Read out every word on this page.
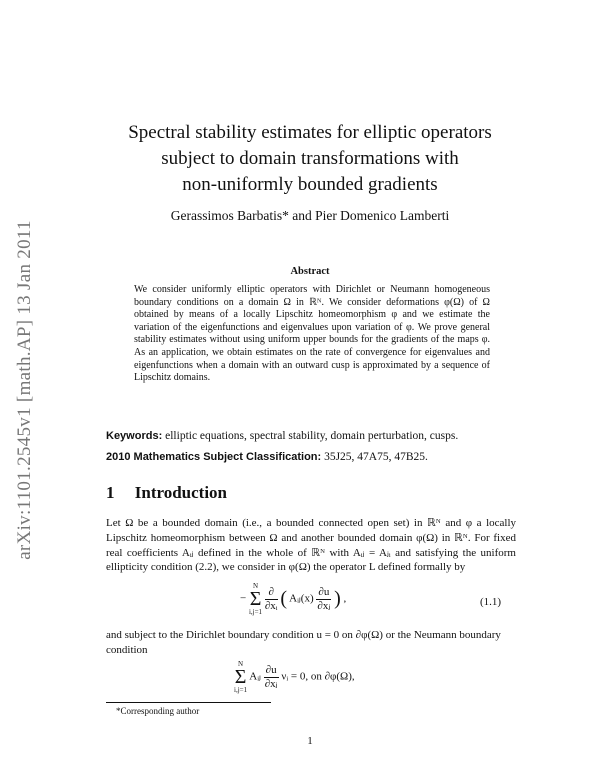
arXiv:1101.2545v1 [math.AP] 13 Jan 2011
Spectral stability estimates for elliptic operators
subject to domain transformations with
non-uniformly bounded gradients
Gerassimos Barbatis* and Pier Domenico Lamberti
Abstract
We consider uniformly elliptic operators with Dirichlet or Neumann homogeneous boundary conditions on a domain Ω in ℝᴺ. We consider deformations φ(Ω) of Ω obtained by means of a locally Lipschitz homeomorphism φ and we estimate the variation of the eigenfunctions and eigenvalues upon variation of φ. We prove general stability estimates without using uniform upper bounds for the gradients of the maps φ. As an application, we obtain estimates on the rate of convergence for eigenvalues and eigenfunctions when a domain with an outward cusp is approximated by a sequence of Lipschitz domains.
Keywords: elliptic equations, spectral stability, domain perturbation, cusps.
2010 Mathematics Subject Classification: 35J25, 47A75, 47B25.
1 Introduction
Let Ω be a bounded domain (i.e., a bounded connected open set) in ℝᴺ and φ a locally Lipschitz homeomorphism between Ω and another bounded domain φ(Ω) in ℝᴺ. For fixed real coefficients Aᵢⱼ defined in the whole of ℝᴺ with Aᵢⱼ = Aⱼᵢ and satisfying the uniform ellipticity condition (2.2), we consider in φ(Ω) the operator L defined formally by
−
N
Σ
i,j=1
$\frac{\partial}{\text{∂xᵢ}}$ ( Aᵢⱼ(x) $\frac{\partial u}{\text{∂xⱼ}}$ ) ,	(1.1)
and subject to the Dirichlet boundary condition u = 0 on ∂φ(Ω) or the Neumann boundary condition
N
Σ
i,j=1
Aᵢⱼ $\frac{\partial u}{\text{∂xⱼ}}$ νᵢ = 0, on ∂φ(Ω),
*Corresponding author
1
